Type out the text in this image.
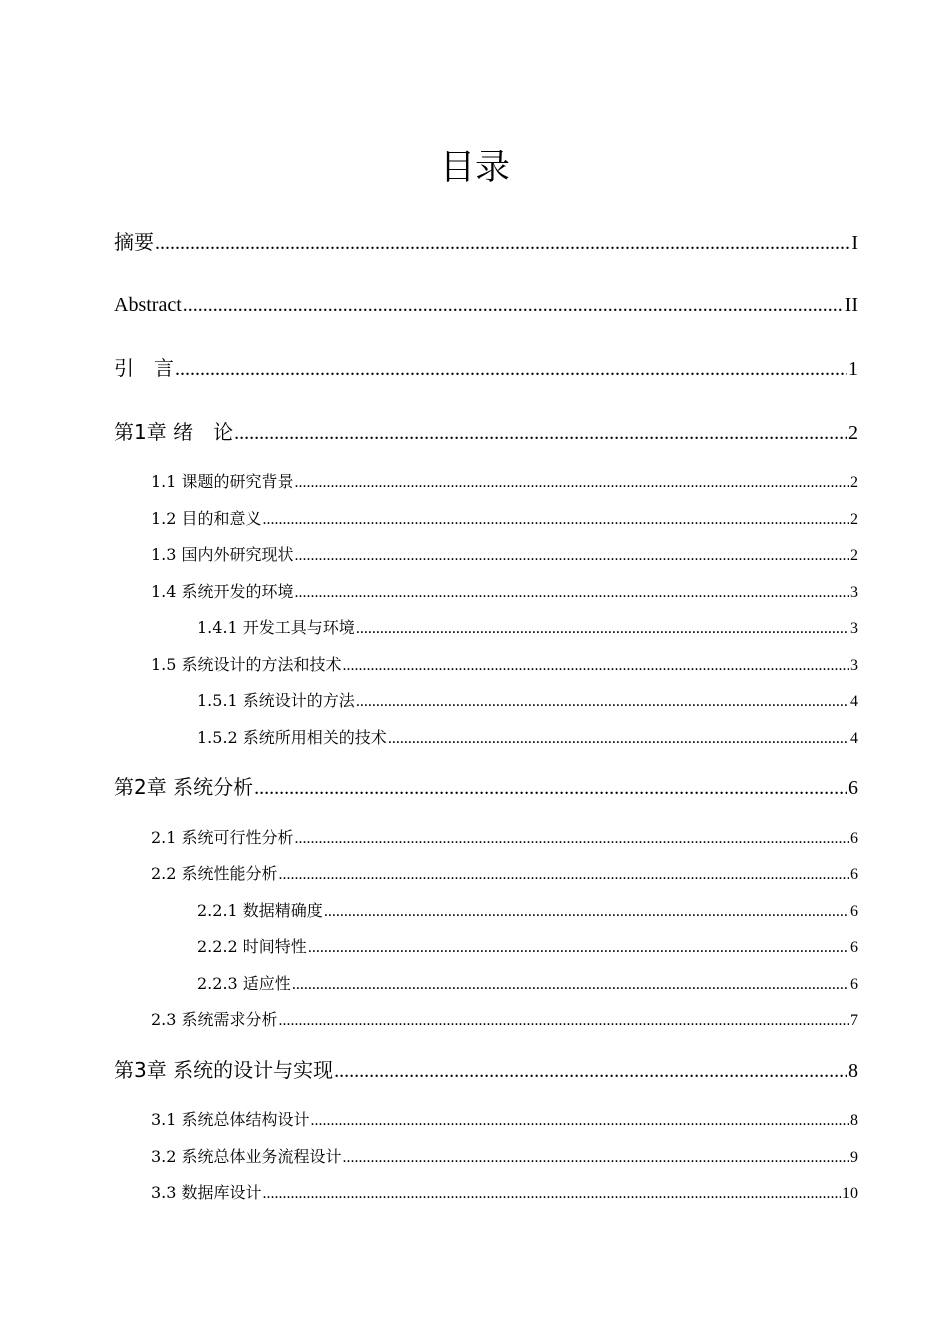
目录
摘要 .....	I
Abstract .....	II
引　言 .....	1
第1章 绪　论 .....	2
1.1 课题的研究背景 .....	2
1.2 目的和意义 .....	2
1.3 国内外研究现状 .....	2
1.4 系统开发的环境 .....	3
1.4.1 开发工具与环境 .....	3
1.5 系统设计的方法和技术 .....	3
1.5.1 系统设计的方法 .....	4
1.5.2 系统所用相关的技术 .....	4
第2章 系统分析 .....	6
2.1 系统可行性分析 .....	6
2.2 系统性能分析 .....	6
2.2.1 数据精确度 .....	6
2.2.2 时间特性 .....	6
2.2.3 适应性 .....	6
2.3 系统需求分析 .....	7
第3章 系统的设计与实现 .....	8
3.1 系统总体结构设计 .....	8
3.2 系统总体业务流程设计 .....	9
3.3 数据库设计 .....	10
